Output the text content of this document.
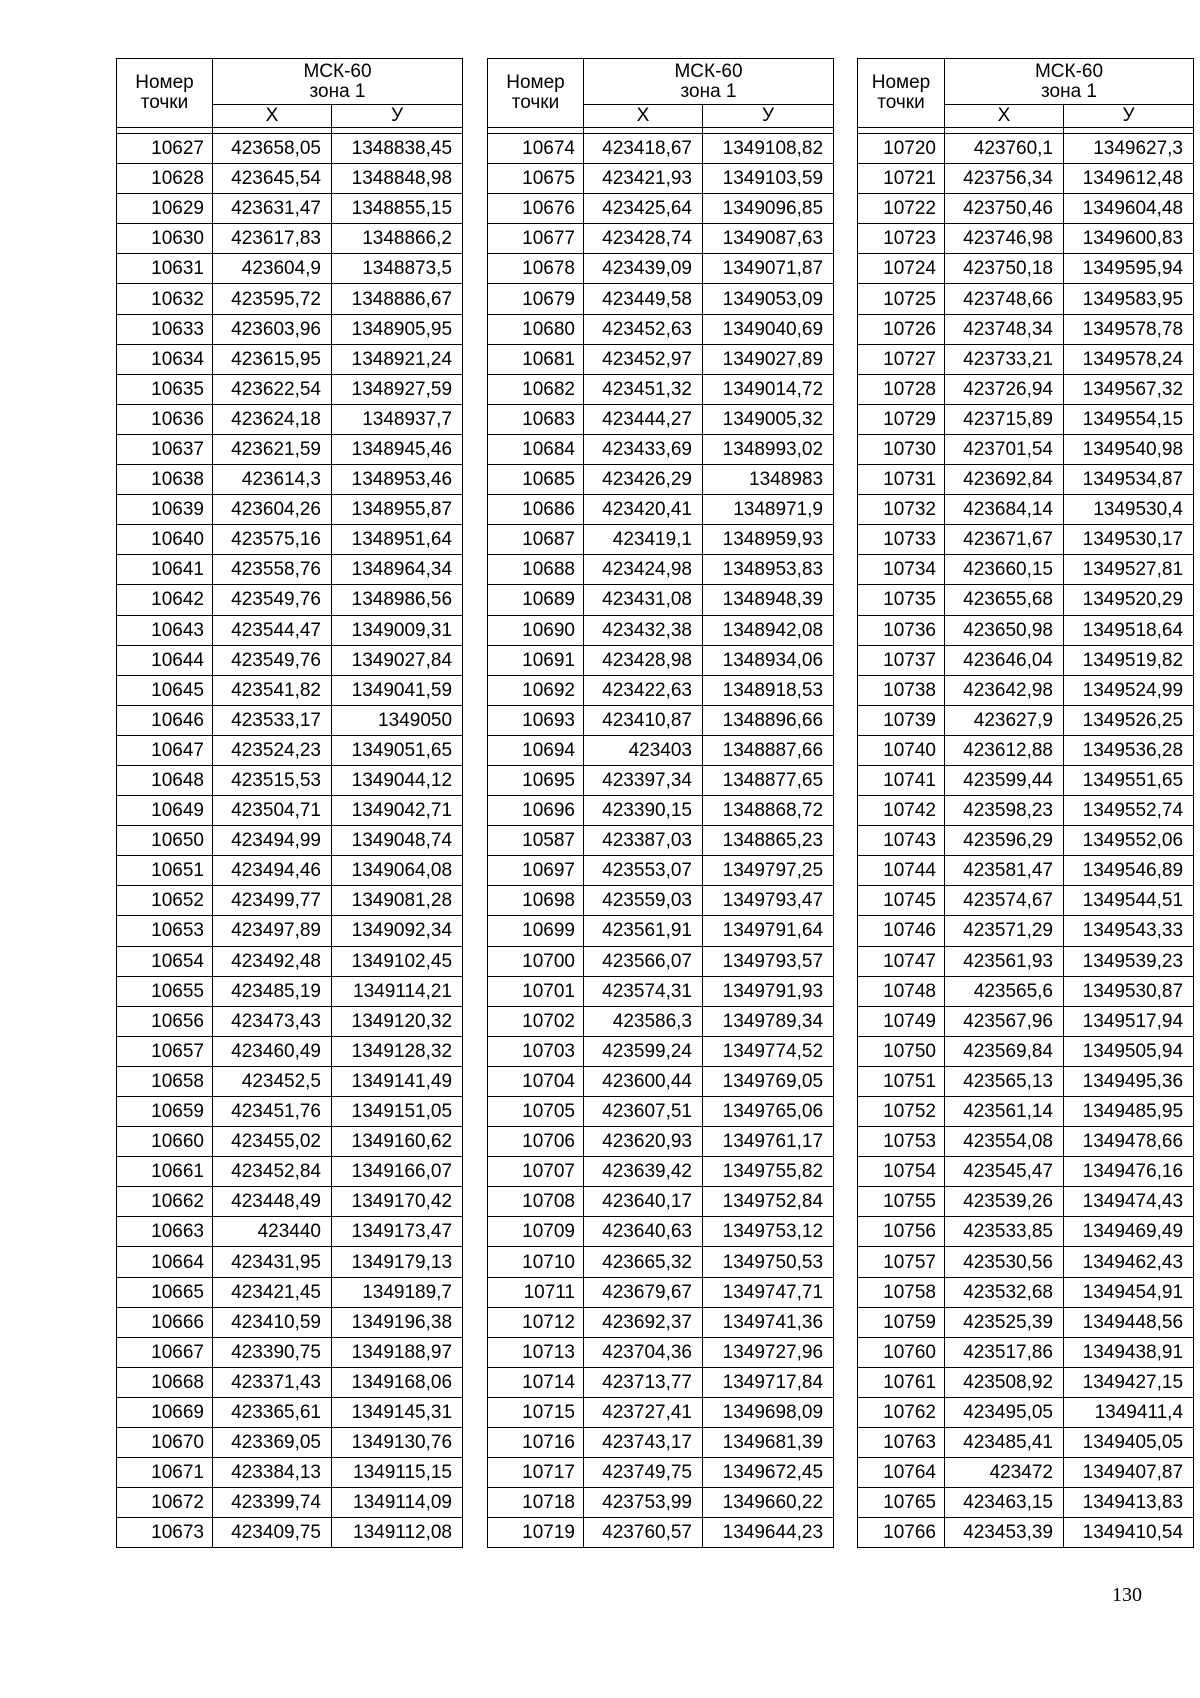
Номер
точки	МСК-60
зона 1	
	Х	У

10627	423658,05	1348838,45
10628	423645,54	1348848,98
10629	423631,47	1348855,15
10630	423617,83	1348866,2
10631	423604,9	1348873,5
10632	423595,72	1348886,67
10633	423603,96	1348905,95
10634	423615,95	1348921,24
10635	423622,54	1348927,59
10636	423624,18	1348937,7
10637	423621,59	1348945,46
10638	423614,3	1348953,46
10639	423604,26	1348955,87
10640	423575,16	1348951,64
10641	423558,76	1348964,34
10642	423549,76	1348986,56
10643	423544,47	1349009,31
10644	423549,76	1349027,84
10645	423541,82	1349041,59
10646	423533,17	1349050
10647	423524,23	1349051,65
10648	423515,53	1349044,12
10649	423504,71	1349042,71
10650	423494,99	1349048,74
10651	423494,46	1349064,08
10652	423499,77	1349081,28
10653	423497,89	1349092,34
10654	423492,48	1349102,45
10655	423485,19	1349114,21
10656	423473,43	1349120,32
10657	423460,49	1349128,32
10658	423452,5	1349141,49
10659	423451,76	1349151,05
10660	423455,02	1349160,62
10661	423452,84	1349166,07
10662	423448,49	1349170,42
10663	423440	1349173,47
10664	423431,95	1349179,13
10665	423421,45	1349189,7
10666	423410,59	1349196,38
10667	423390,75	1349188,97
10668	423371,43	1349168,06
10669	423365,61	1349145,31
10670	423369,05	1349130,76
10671	423384,13	1349115,15
10672	423399,74	1349114,09
10673	423409,75	1349112,08
Номер
точки	МСК-60
зона 1	
	Х	У

10674	423418,67	1349108,82
10675	423421,93	1349103,59
10676	423425,64	1349096,85
10677	423428,74	1349087,63
10678	423439,09	1349071,87
10679	423449,58	1349053,09
10680	423452,63	1349040,69
10681	423452,97	1349027,89
10682	423451,32	1349014,72
10683	423444,27	1349005,32
10684	423433,69	1348993,02
10685	423426,29	1348983
10686	423420,41	1348971,9
10687	423419,1	1348959,93
10688	423424,98	1348953,83
10689	423431,08	1348948,39
10690	423432,38	1348942,08
10691	423428,98	1348934,06
10692	423422,63	1348918,53
10693	423410,87	1348896,66
10694	423403	1348887,66
10695	423397,34	1348877,65
10696	423390,15	1348868,72
10587	423387,03	1348865,23
10697	423553,07	1349797,25
10698	423559,03	1349793,47
10699	423561,91	1349791,64
10700	423566,07	1349793,57
10701	423574,31	1349791,93
10702	423586,3	1349789,34
10703	423599,24	1349774,52
10704	423600,44	1349769,05
10705	423607,51	1349765,06
10706	423620,93	1349761,17
10707	423639,42	1349755,82
10708	423640,17	1349752,84
10709	423640,63	1349753,12
10710	423665,32	1349750,53
10711	423679,67	1349747,71
10712	423692,37	1349741,36
10713	423704,36	1349727,96
10714	423713,77	1349717,84
10715	423727,41	1349698,09
10716	423743,17	1349681,39
10717	423749,75	1349672,45
10718	423753,99	1349660,22
10719	423760,57	1349644,23
Номер
точки	МСК-60
зона 1	
	Х	У

10720	423760,1	1349627,3
10721	423756,34	1349612,48
10722	423750,46	1349604,48
10723	423746,98	1349600,83
10724	423750,18	1349595,94
10725	423748,66	1349583,95
10726	423748,34	1349578,78
10727	423733,21	1349578,24
10728	423726,94	1349567,32
10729	423715,89	1349554,15
10730	423701,54	1349540,98
10731	423692,84	1349534,87
10732	423684,14	1349530,4
10733	423671,67	1349530,17
10734	423660,15	1349527,81
10735	423655,68	1349520,29
10736	423650,98	1349518,64
10737	423646,04	1349519,82
10738	423642,98	1349524,99
10739	423627,9	1349526,25
10740	423612,88	1349536,28
10741	423599,44	1349551,65
10742	423598,23	1349552,74
10743	423596,29	1349552,06
10744	423581,47	1349546,89
10745	423574,67	1349544,51
10746	423571,29	1349543,33
10747	423561,93	1349539,23
10748	423565,6	1349530,87
10749	423567,96	1349517,94
10750	423569,84	1349505,94
10751	423565,13	1349495,36
10752	423561,14	1349485,95
10753	423554,08	1349478,66
10754	423545,47	1349476,16
10755	423539,26	1349474,43
10756	423533,85	1349469,49
10757	423530,56	1349462,43
10758	423532,68	1349454,91
10759	423525,39	1349448,56
10760	423517,86	1349438,91
10761	423508,92	1349427,15
10762	423495,05	1349411,4
10763	423485,41	1349405,05
10764	423472	1349407,87
10765	423463,15	1349413,83
10766	423453,39	1349410,54
130
